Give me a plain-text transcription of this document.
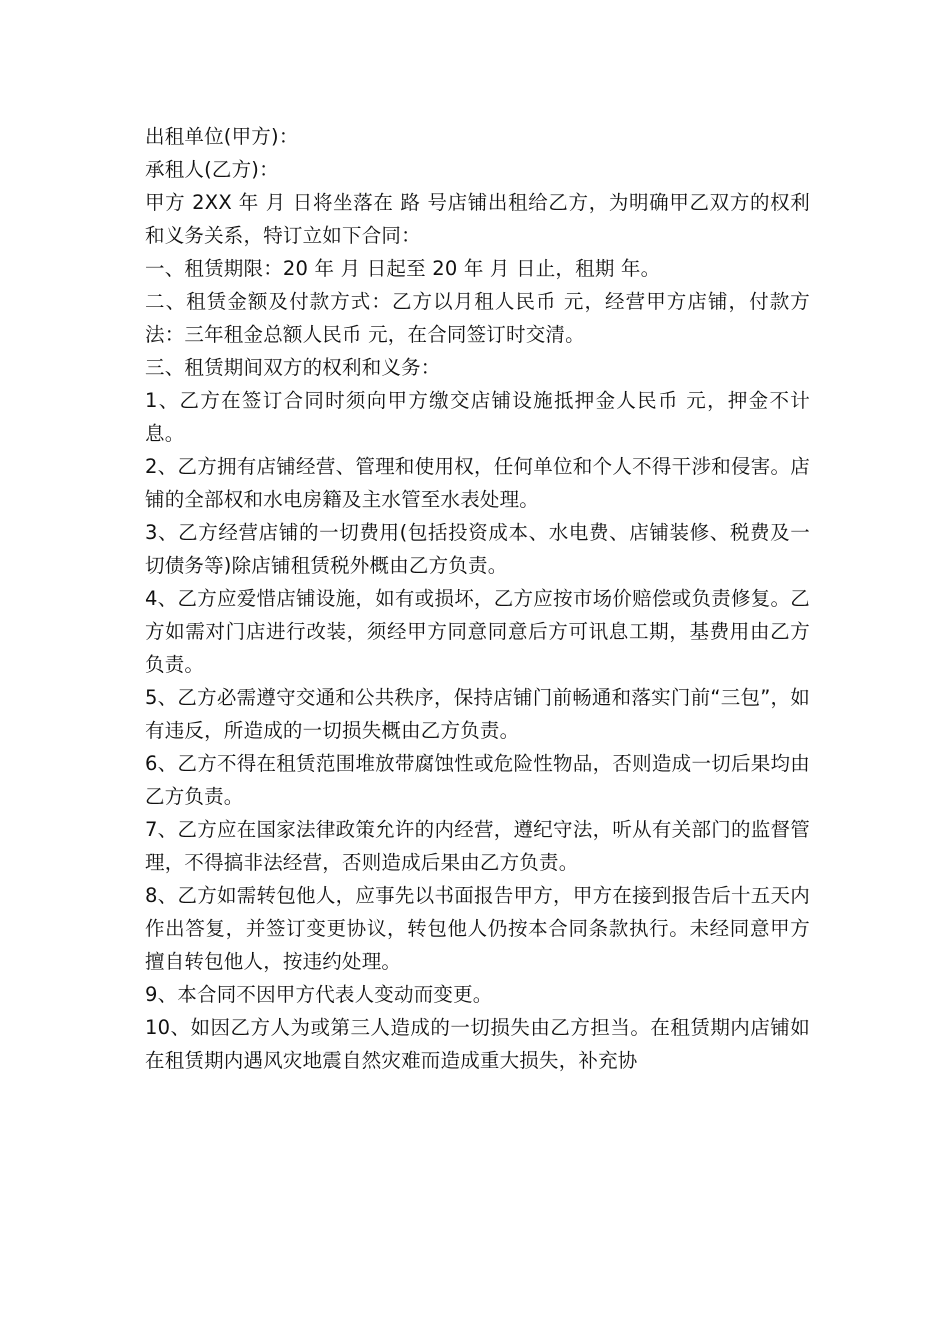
出租单位(甲方)：

承租人(乙方)：

甲方 2XX 年 月 日将坐落在 路 号店铺出租给乙方，为明确甲乙双方的权利和义务关系，特订立如下合同：

一、租赁期限：20 年 月 日起至 20 年 月 日止，租期 年。

二、租赁金额及付款方式：乙方以月租人民币 元，经营甲方店铺，付款方法：三年租金总额人民币 元，在合同签订时交清。

三、租赁期间双方的权利和义务：

1、乙方在签订合同时须向甲方缴交店铺设施抵押金人民币 元，押金不计息。

2、乙方拥有店铺经营、管理和使用权，任何单位和个人不得干涉和侵害。店铺的全部权和水电房籍及主水管至水表处理。

3、乙方经营店铺的一切费用(包括投资成本、水电费、店铺装修、税费及一切债务等)除店铺租赁税外概由乙方负责。

4、乙方应爱惜店铺设施，如有或损坏，乙方应按市场价赔偿或负责修复。乙方如需对门店进行改装，须经甲方同意同意后方可讯息工期，基费用由乙方负责。

5、乙方必需遵守交通和公共秩序，保持店铺门前畅通和落实门前“三包”，如有违反，所造成的一切损失概由乙方负责。

6、乙方不得在租赁范围堆放带腐蚀性或危险性物品，否则造成一切后果均由乙方负责。

7、乙方应在国家法律政策允许的内经营，遵纪守法，听从有关部门的监督管理，不得搞非法经营，否则造成后果由乙方负责。

8、乙方如需转包他人，应事先以书面报告甲方，甲方在接到报告后十五天内作出答复，并签订变更协议，转包他人仍按本合同条款执行。未经同意甲方擅自转包他人，按违约处理。

9、本合同不因甲方代表人变动而变更。

10、如因乙方人为或第三人造成的一切损失由乙方担当。在租赁期内店铺如在租赁期内遇风灾地震自然灾难而造成重大损失，补充协
